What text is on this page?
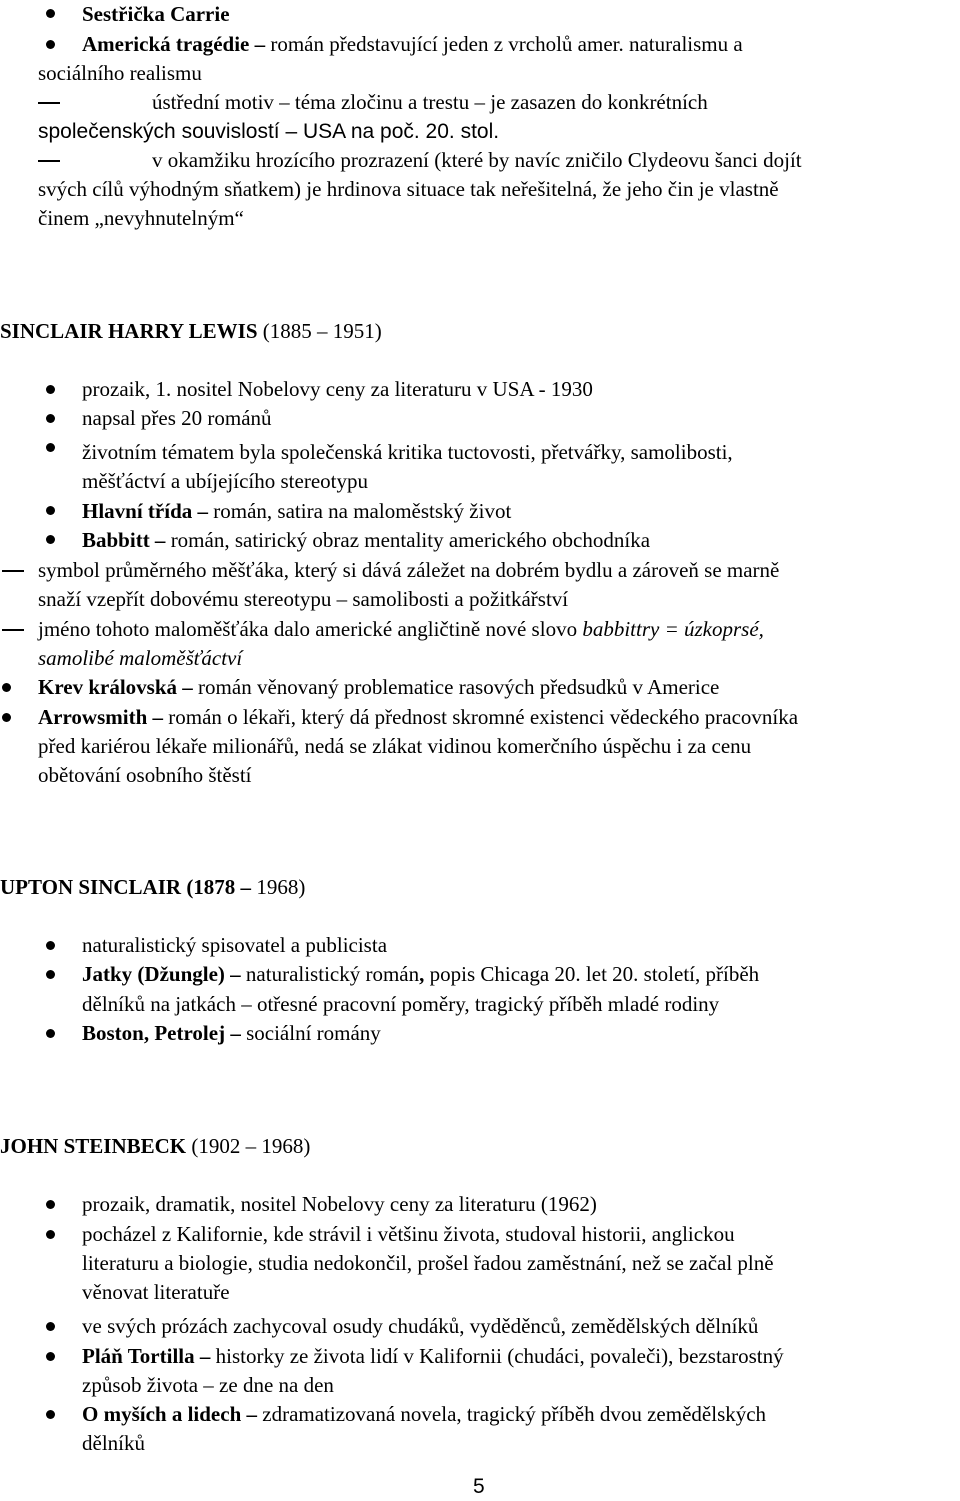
Sestřička Carrie
Americká tragédie – román představující jeden z vrcholů amer. naturalismu a
sociálního realismu
ústřední motiv – téma zločinu a trestu – je zasazen do konkrétních
společenských souvislostí – USA na poč. 20. stol.
v okamžiku hrozícího prozrazení (které by navíc zničilo Clydeovu šanci dojít
svých cílů výhodným sňatkem) je hrdinova situace tak neřešitelná, že jeho čin je vlastně
činem „nevyhnutelným“
SINCLAIR HARRY LEWIS (1885 – 1951)
prozaik, 1. nositel Nobelovy ceny za literaturu v USA - 1930
napsal přes 20 románů
životním tématem byla společenská kritika tuctovosti, přetvářky, samolibosti,
měšťáctví a ubíjejícího stereotypu
Hlavní třída – román, satira na maloměstský život
Babbitt – román, satirický obraz mentality amerického obchodníka
symbol průměrného měšťáka, který si dává záležet na dobrém bydlu a zároveň se marně
snaží vzepřít dobovému stereotypu – samolibosti a požitkářství
jméno tohoto maloměšťáka dalo americké angličtině nové slovo babbittry = úzkoprsé,
samolibé maloměšťáctví
Krev královská – román věnovaný problematice rasových předsudků v Americe
Arrowsmith – román o lékaři, který dá přednost skromné existenci vědeckého pracovníka
před kariérou lékaře milionářů, nedá se zlákat vidinou komerčního úspěchu i za cenu
obětování osobního štěstí
UPTON SINCLAIR (1878 – 1968)
naturalistický spisovatel a publicista
Jatky (Džungle) – naturalistický román, popis Chicaga 20. let 20. století, příběh
dělníků na jatkách – otřesné pracovní poměry, tragický příběh mladé rodiny
Boston, Petrolej – sociální romány
JOHN STEINBECK (1902 – 1968)
prozaik, dramatik, nositel Nobelovy ceny za literaturu (1962)
pocházel z Kalifornie, kde strávil i většinu života, studoval historii, anglickou
literaturu a biologie, studia nedokončil, prošel řadou zaměstnání, než se začal plně
věnovat literatuře
ve svých prózách zachycoval osudy chudáků, vyděděnců, zemědělských dělníků
Pláň Tortilla – historky ze života lidí v Kalifornii (chudáci, povaleči), bezstarostný
způsob života – ze dne na den
O myších a lidech – zdramatizovaná novela, tragický příběh dvou zemědělských
dělníků
5
